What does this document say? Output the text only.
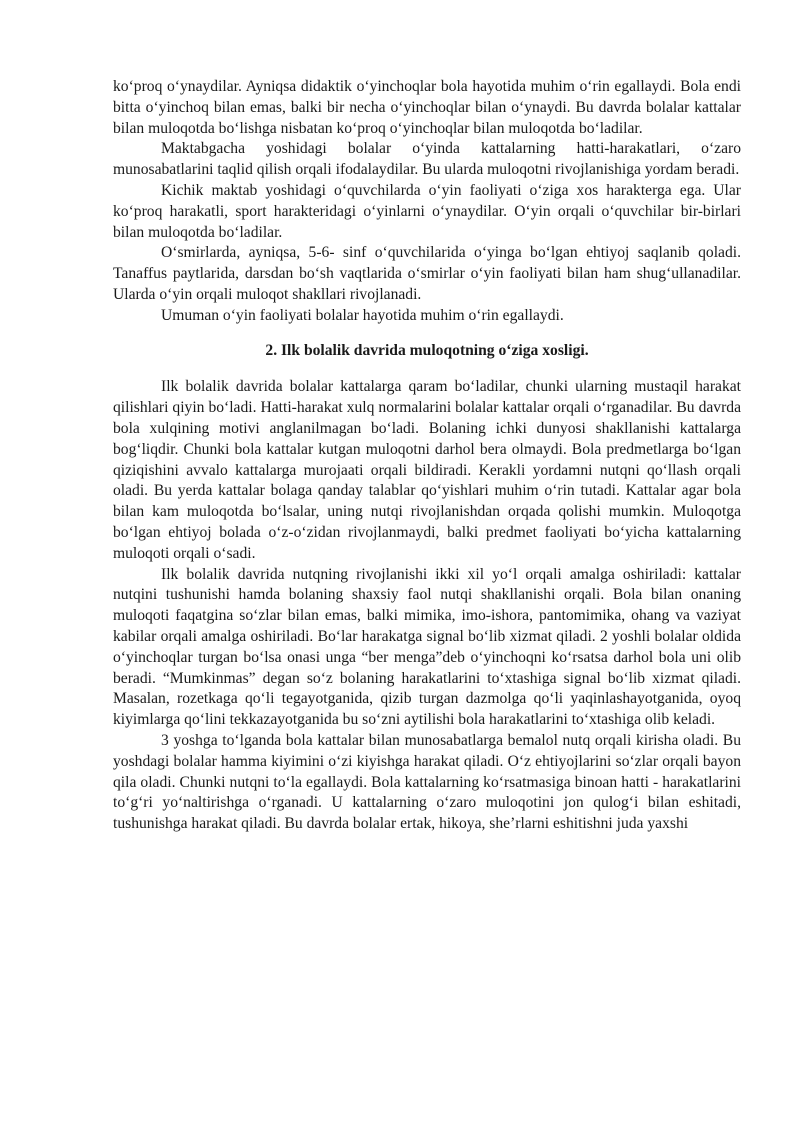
ko‘proq o‘ynaydilar. Ayniqsa didaktik o‘yinchoqlar bola hayotida muhim o‘rin egallaydi. Bola endi bitta o‘yinchoq bilan emas, balki bir necha o‘yinchoqlar bilan o‘ynaydi. Bu davrda bolalar kattalar bilan muloqotda bo‘lishga nisbatan ko‘proq o‘yinchoqlar bilan muloqotda bo‘ladilar.

Maktabgacha yoshidagi bolalar o‘yinda kattalarning hatti-harakatlari, o‘zaro munosabatlarini taqlid qilish orqali ifodalaydilar. Bu ularda muloqotni rivojlanishiga yordam beradi.

Kichik maktab yoshidagi o‘quvchilarda o‘yin faoliyati o‘ziga xos harakterga ega. Ular ko‘proq harakatli, sport harakteridagi o‘yinlarni o‘ynaydilar. O‘yin orqali o‘quvchilar bir-birlari bilan muloqotda bo‘ladilar.

O‘smirlarda, ayniqsa, 5-6- sinf o‘quvchilarida o‘yinga bo‘lgan ehtiyoj saqlanib qoladi. Tanaffus paytlarida, darsdan bo‘sh vaqtlarida o‘smirlar o‘yin faoliyati bilan ham shug‘ullanadilar. Ularda o‘yin orqali muloqot shakllari rivojlanadi.

Umuman o‘yin faoliyati bolalar hayotida muhim o‘rin egallaydi.

2. Ilk bolalik davrida muloqotning o‘ziga xosligi.

Ilk bolalik davrida bolalar kattalarga qaram bo‘ladilar, chunki ularning mustaqil harakat qilishlari qiyin bo‘ladi. Hatti-harakat xulq normalarini bolalar kattalar orqali o‘rganadilar. Bu davrda bola xulqining motivi anglanilmagan bo‘ladi. Bolaning ichki dunyosi shakllanishi kattalarga bog‘liqdir. Chunki bola kattalar kutgan muloqotni darhol bera olmaydi. Bola predmetlarga bo‘lgan qiziqishini avvalo kattalarga murojaati orqali bildiradi. Kerakli yordamni nutqni qo‘llash orqali oladi. Bu yerda kattalar bolaga qanday talablar qo‘yishlari muhim o‘rin tutadi. Kattalar agar bola bilan kam muloqotda bo‘lsalar, uning nutqi rivojlanishdan orqada qolishi mumkin. Muloqotga bo‘lgan ehtiyoj bolada o‘z-o‘zidan rivojlanmaydi, balki predmet faoliyati bo‘yicha kattalarning muloqoti orqali o‘sadi.

Ilk bolalik davrida nutqning rivojlanishi ikki xil yo‘l orqali amalga oshiriladi: kattalar nutqini tushunishi hamda bolaning shaxsiy faol nutqi shakllanishi orqali. Bola bilan onaning muloqoti faqatgina so‘zlar bilan emas, balki mimika, imo-ishora, pantomimika, ohang va vaziyat kabilar orqali amalga oshiriladi. Bo‘lar harakatga signal bo‘lib xizmat qiladi. 2 yoshli bolalar oldida o‘yinchoqlar turgan bo‘lsa onasi unga “ber menga”deb o‘yinchoqni ko‘rsatsa darhol bola uni olib beradi. “Mumkinmas” degan so‘z bolaning harakatlarini to‘xtashiga signal bo‘lib xizmat qiladi. Masalan, rozetkaga qo‘li tegayotganida, qizib turgan dazmolga qo‘li yaqinlashayotganida, oyoq kiyimlarga qo‘lini tekkazayotganida bu so‘zni aytilishi bola harakatlarini to‘xtashiga olib keladi.

3 yoshga to‘lganda bola kattalar bilan munosabatlarga bemalol nutq orqali kirisha oladi. Bu yoshdagi bolalar hamma kiyimini o‘zi kiyishga harakat qiladi. O‘z ehtiyojlarini so‘zlar orqali bayon qila oladi. Chunki nutqni to‘la egallaydi. Bola kattalarning ko‘rsatmasiga binoan hatti - harakatlarini to‘g‘ri yo‘naltirishga o‘rganadi. U kattalarning o‘zaro muloqotini jon qulog‘i bilan eshitadi, tushunishga harakat qiladi. Bu davrda bolalar ertak, hikoya, she’rlarni eshitishni juda yaxshi
